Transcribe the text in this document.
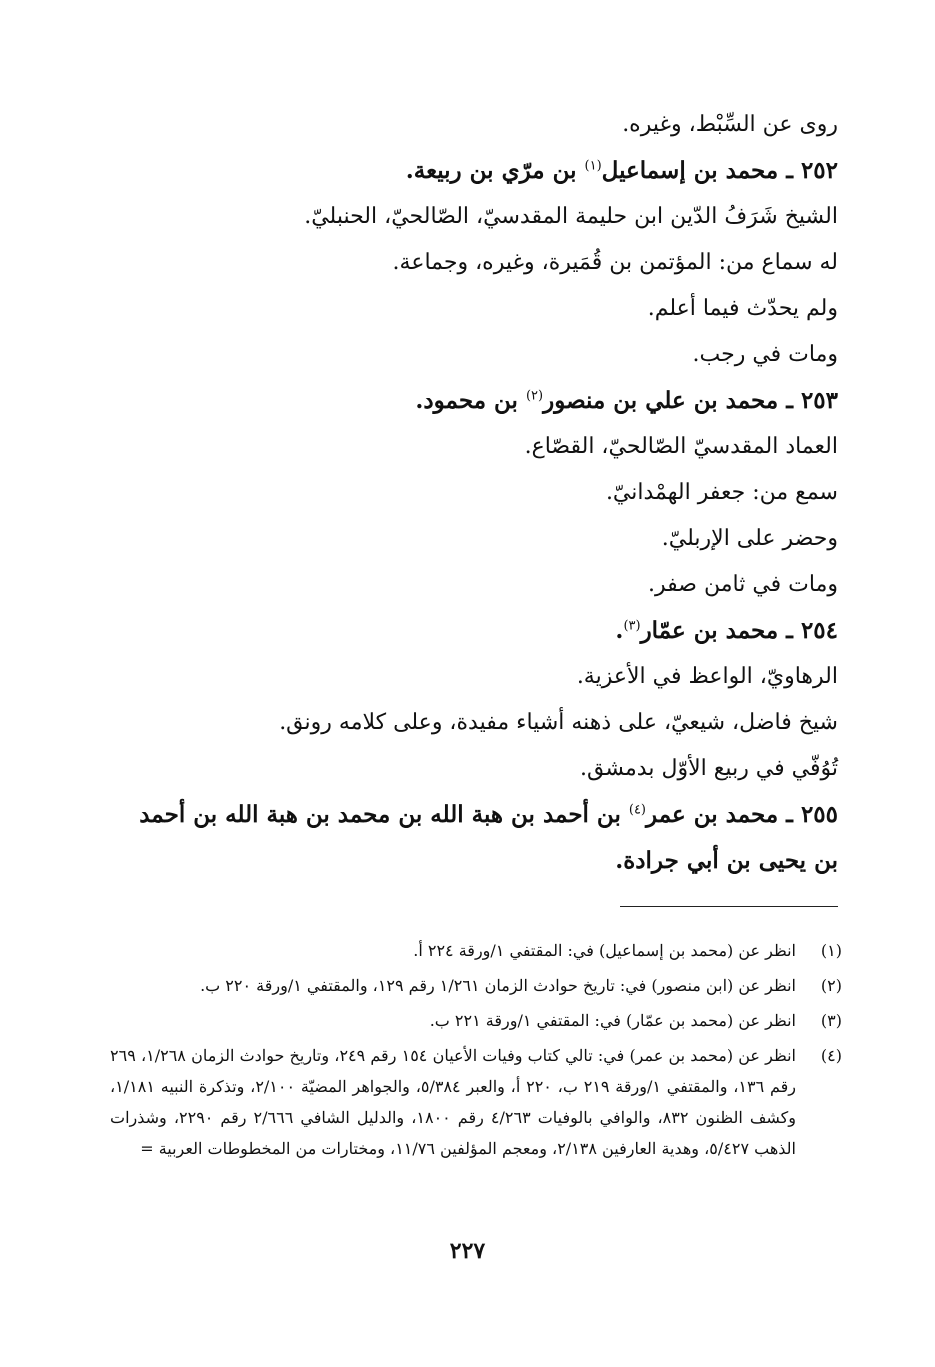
روى عن السِّبْط، وغيره.
٢٥٢ ـ محمد بن إسماعيل$^{(١)}$ بن مرّي بن ربيعة.
الشيخ شَرَفُ الدّين ابن حليمة المقدسيّ، الصّالحيّ، الحنبليّ.
له سماع من: المؤتمن بن قُمَيرة، وغيره، وجماعة.
ولم يحدّث فيما أعلم.
ومات في رجب.
٢٥٣ ـ محمد بن علي بن منصور$^{(٢)}$ بن محمود.
العماد المقدسيّ الصّالحيّ، القصّاع.
سمع من: جعفر الهمْدانيّ.
وحضر على الإربليّ.
ومات في ثامن صفر.
٢٥٤ ـ محمد بن عمّار$^{(٣)}$.
الرهاويّ، الواعظ في الأعزية.
شيخ فاضل، شيعيّ، على ذهنه أشياء مفيدة، وعلى كلامه رونق.
تُوُفّي في ربيع الأوّل بدمشق.
٢٥٥ ـ محمد بن عمر$^{(٤)}$ بن أحمد بن هبة الله بن محمد بن هبة الله بن أحمد بن يحيى بن أبي جرادة.
(١)
انظر عن (محمد بن إسماعيل) في: المقتفي ١/ورقة ٢٢٤ أ.
(٢)
انظر عن (ابن منصور) في: تاريخ حوادث الزمان ١/٢٦١ رقم ١٢٩، والمقتفي ١/ورقة ٢٢٠ ب.
(٣)
انظر عن (محمد بن عمّار) في: المقتفي ١/ورقة ٢٢١ ب.
(٤)
انظر عن (محمد بن عمر) في: تالي كتاب وفيات الأعيان ١٥٤ رقم ٢٤٩، وتاريخ حوادث الزمان ١/٢٦٨، ٢٦٩ رقم ١٣٦، والمقتفي ١/ورقة ٢١٩ ب، ٢٢٠ أ، والعبر ٥/٣٨٤، والجواهر المضيّة ٢/١٠٠، وتذكرة النبيه ١/١٨١، وكشف الظنون ٨٣٢، والوافي بالوفيات ٤/٢٦٣ رقم ١٨٠٠، والدليل الشافي ٢/٦٦٦ رقم ٢٢٩٠، وشذرات الذهب ٥/٤٢٧، وهدية العارفين ٢/١٣٨، ومعجم المؤلفين ١١/٧٦، ومختارات من المخطوطات العربية =
٢٢٧
